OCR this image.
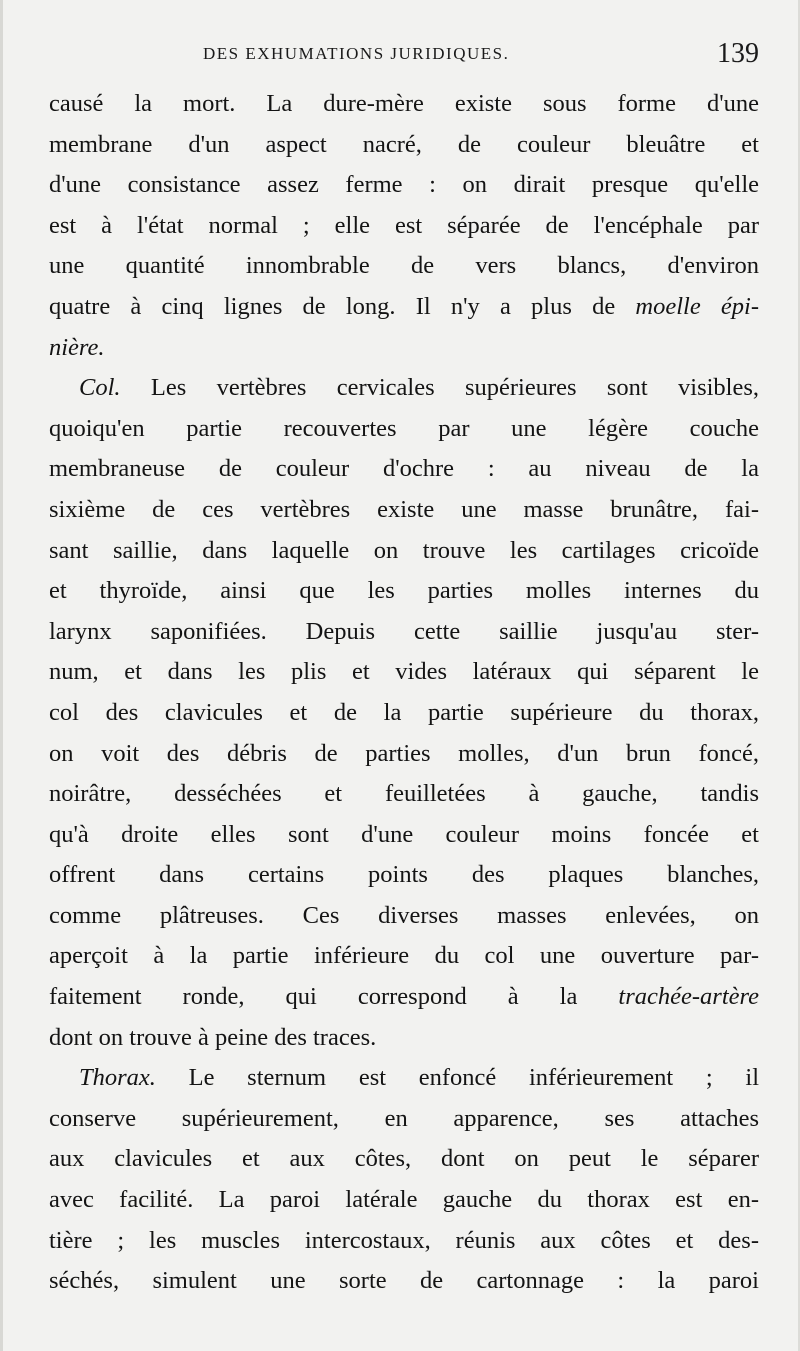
DES EXHUMATIONS JURIDIQUES.	139
causé la mort. La dure-mère existe sous forme d'une
membrane d'un aspect nacré, de couleur bleuâtre et
d'une consistance assez ferme : on dirait presque qu'elle
est à l'état normal ; elle est séparée de l'encéphale par
une quantité innombrable de vers blancs, d'environ
quatre à cinq lignes de long. Il n'y a plus de moelle épi-
nière.
Col. Les vertèbres cervicales supérieures sont visibles,
quoiqu'en partie recouvertes par une légère couche
membraneuse de couleur d'ochre : au niveau de la
sixième de ces vertèbres existe une masse brunâtre, fai-
sant saillie, dans laquelle on trouve les cartilages cricoïde
et thyroïde, ainsi que les parties molles internes du
larynx saponifiées. Depuis cette saillie jusqu'au ster-
num, et dans les plis et vides latéraux qui séparent le
col des clavicules et de la partie supérieure du thorax,
on voit des débris de parties molles, d'un brun foncé,
noirâtre, desséchées et feuilletées à gauche, tandis
qu'à droite elles sont d'une couleur moins foncée et
offrent dans certains points des plaques blanches,
comme plâtreuses. Ces diverses masses enlevées, on
aperçoit à la partie inférieure du col une ouverture par-
faitement ronde, qui correspond à la trachée-artère
dont on trouve à peine des traces.
Thorax. Le sternum est enfoncé inférieurement ; il
conserve supérieurement, en apparence, ses attaches
aux clavicules et aux côtes, dont on peut le séparer
avec facilité. La paroi latérale gauche du thorax est en-
tière ; les muscles intercostaux, réunis aux côtes et des-
séchés, simulent une sorte de cartonnage : la paroi
